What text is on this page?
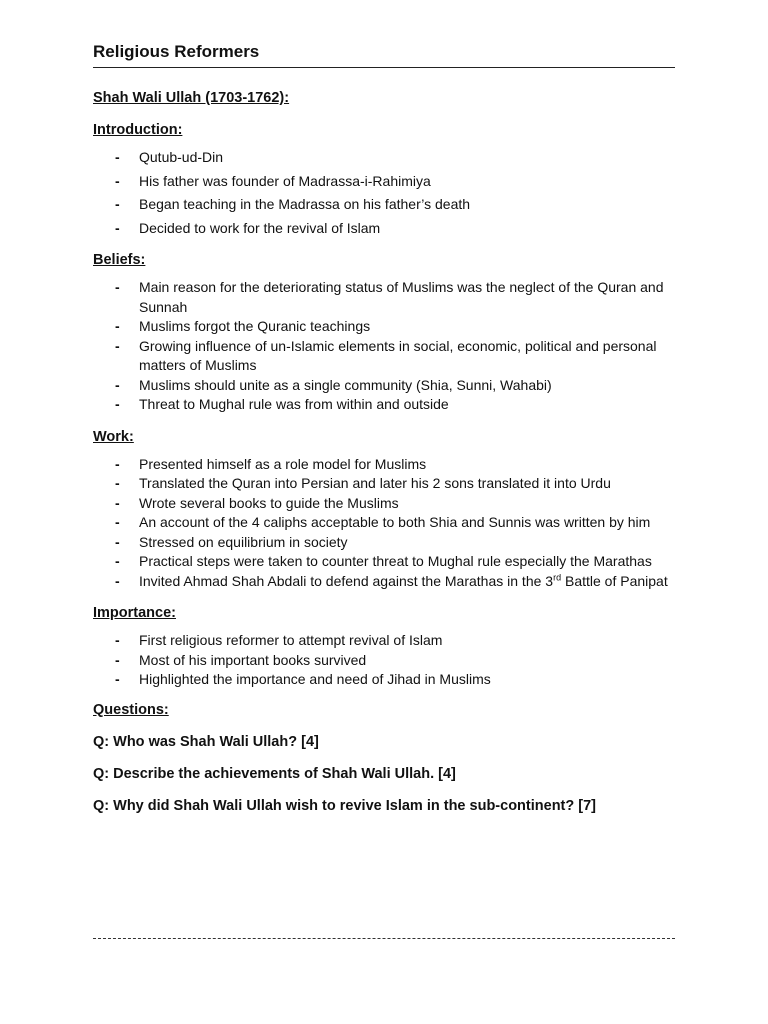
Religious Reformers
Shah Wali Ullah (1703-1762):
Introduction:
- Qutub-ud-Din
- His father was founder of Madrassa-i-Rahimiya
- Began teaching in the Madrassa on his father’s death
- Decided to work for the revival of Islam
Beliefs:
- Main reason for the deteriorating status of Muslims was the neglect of the Quran and Sunnah
- Muslims forgot the Quranic teachings
- Growing influence of un-Islamic elements in social, economic, political and personal matters of Muslims
- Muslims should unite as a single community (Shia, Sunni, Wahabi)
- Threat to Mughal rule was from within and outside
Work:
- Presented himself as a role model for Muslims
- Translated the Quran into Persian and later his 2 sons translated it into Urdu
- Wrote several books to guide the Muslims
- An account of the 4 caliphs acceptable to both Shia and Sunnis was written by him
- Stressed on equilibrium in society
- Practical steps were taken to counter threat to Mughal rule especially the Marathas
- Invited Ahmad Shah Abdali to defend against the Marathas in the 3rd Battle of Panipat
Importance:
- First religious reformer to attempt revival of Islam
- Most of his important books survived
- Highlighted the importance and need of Jihad in Muslims
Questions:
Q: Who was Shah Wali Ullah? [4]
Q: Describe the achievements of Shah Wali Ullah. [4]
Q: Why did Shah Wali Ullah wish to revive Islam in the sub-continent? [7]
